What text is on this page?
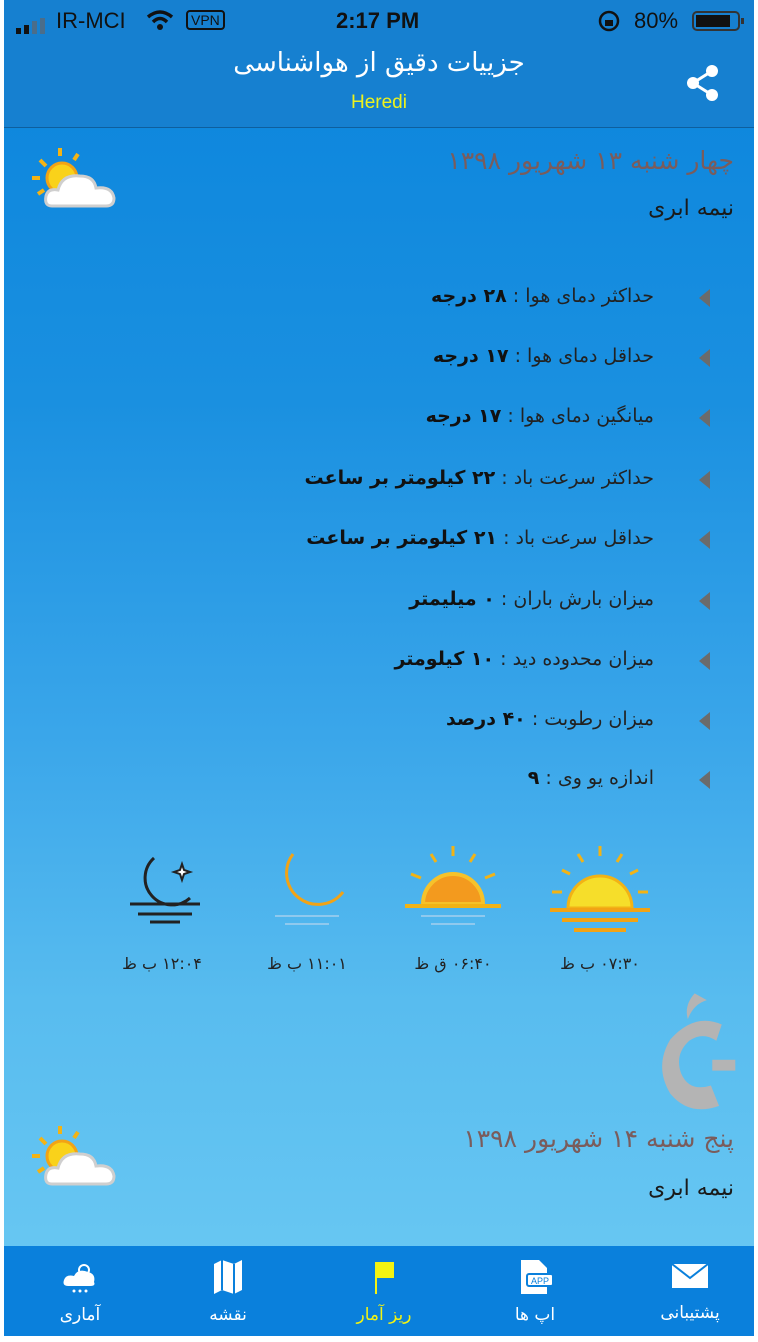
IR-MCI	VPN	2:17 PM	80%
جزییات دقیق از هواشناسی
Heredi
چهار شنبه ۱۳ شهریور ۱۳۹۸
نیمه ابری
حداکثر دمای هوا : ۲۸ درجه
حداقل دمای هوا : ۱۷ درجه
میانگین دمای هوا : ۱۷ درجه
حداکثر سرعت باد : ۲۲ کیلومتر بر ساعت
حداقل سرعت باد : ۲۱ کیلومتر بر ساعت
میزان بارش باران : ۰ میلیمتر
میزان محدوده دید : ۱۰ کیلومتر
میزان رطوبت : ۴۰ درصد
اندازه یو وی : ۹
۰۷:۳۰ ب ظ
۰۶:۴۰ ق ظ
۱۱:۰۱ ب ظ
۱۲:۰۴ ب ظ
پنج شنبه ۱۴ شهریور ۱۳۹۸
نیمه ابری
پشتیبانی
APP
اپ ها
ریز آمار
نقشه
آماری
